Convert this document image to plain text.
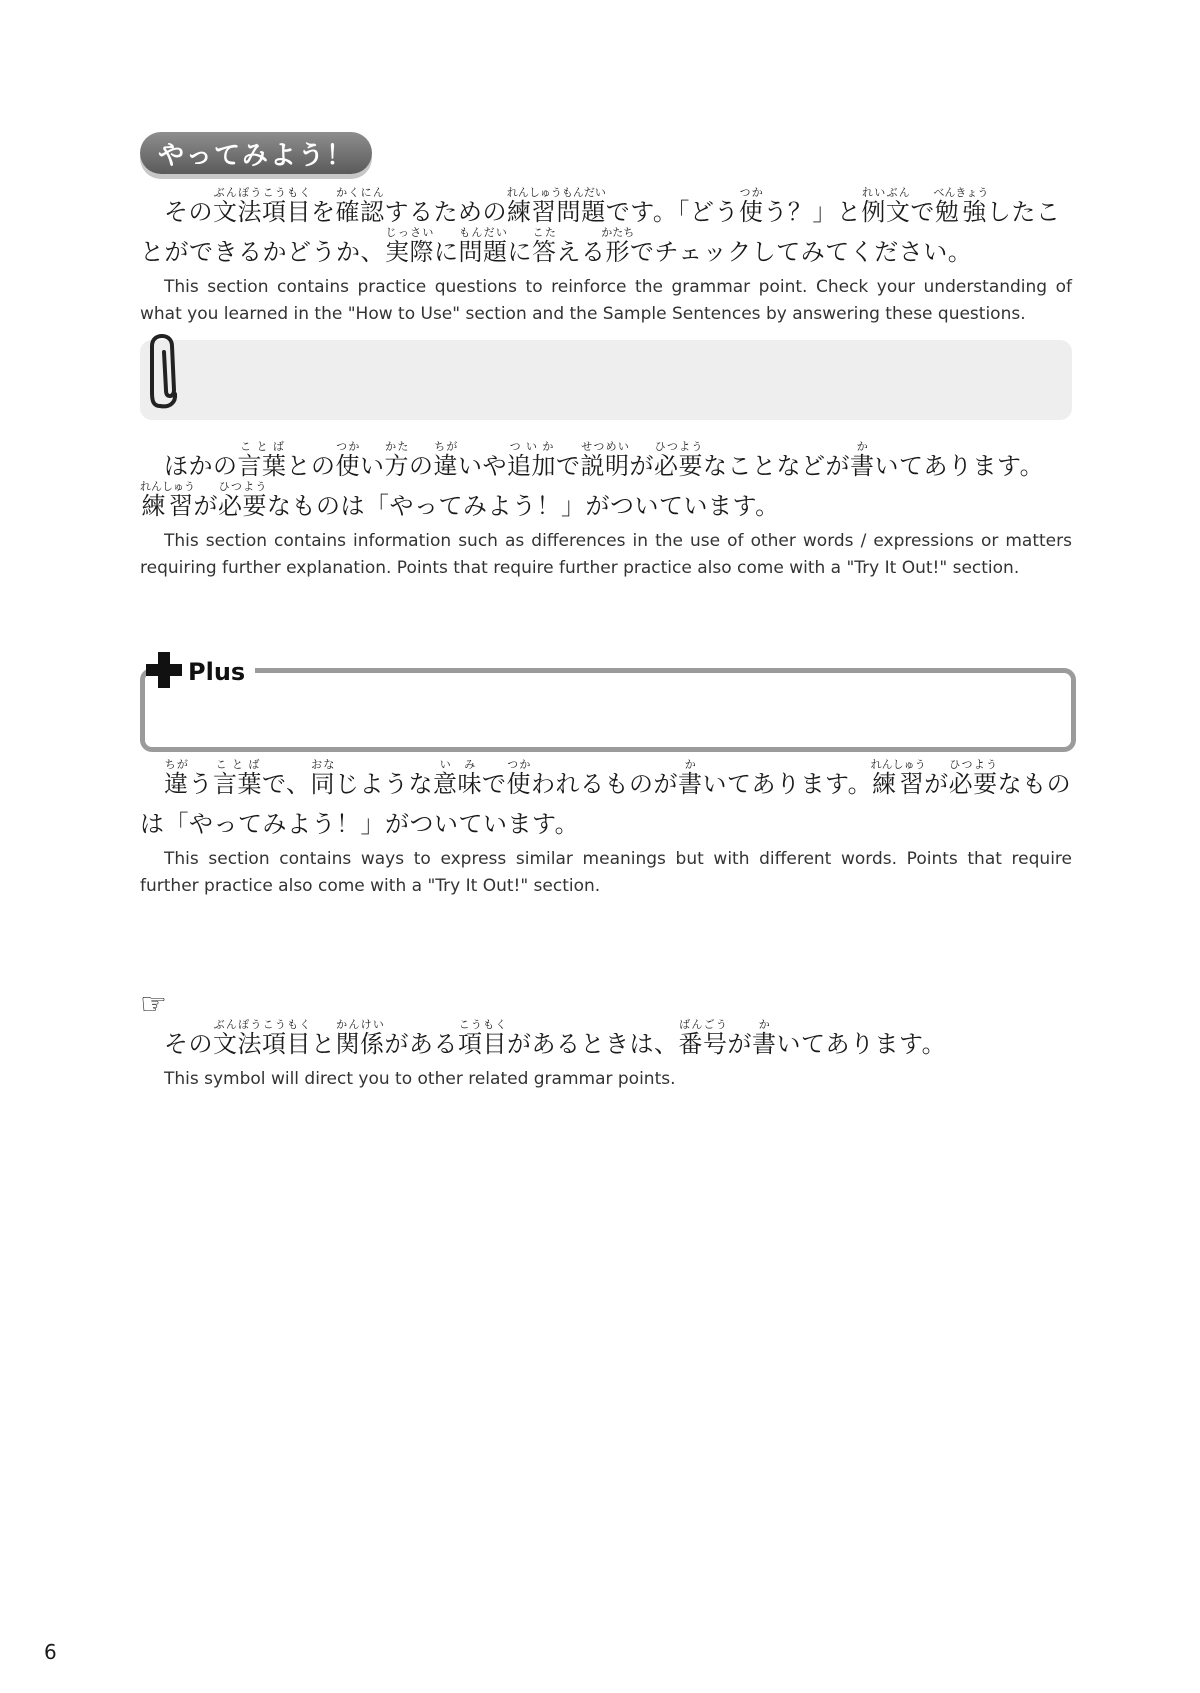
やってみよう！

その文法項目ぶんぽうこうもくを確認かくにんするための練習問題れんしゅうもんだいです。「どう使つかう？」と例文れいぶんで勉強べんきょうしたことができるかどうか、実際じっさいに問題もんだいに答こたえる形かたちでチェックしてみてください。

This section contains practice questions to reinforce the grammar point. Check your understanding of what you learned in the "How to Use" section and the Sample Sentences by answering these questions.

ほかの言葉ことばとの使つかい方かたの違ちがいや追加ついかで説明せつめいが必要ひつようなことなどが書かいてあります。練習れんしゅうが必要ひつようなものは「やってみよう！」がついています。

This section contains information such as differences in the use of other words / expressions or matters requiring further explanation. Points that require further practice also come with a "Try It Out!" section.

Plus

違ちがう言葉ことばで、同おなじような意味いみで使つかわれるものが書かいてあります。練習れんしゅうが必要ひつようなものは「やってみよう！」がついています。

This section contains ways to express similar meanings but with different words. Points that require further practice also come with a "Try It Out!" section.

☞

その文法項目ぶんぽうこうもくと関係かんけいがある項目こうもくがあるときは、番号ばんごうが書かいてあります。

This symbol will direct you to other related grammar points.

6
